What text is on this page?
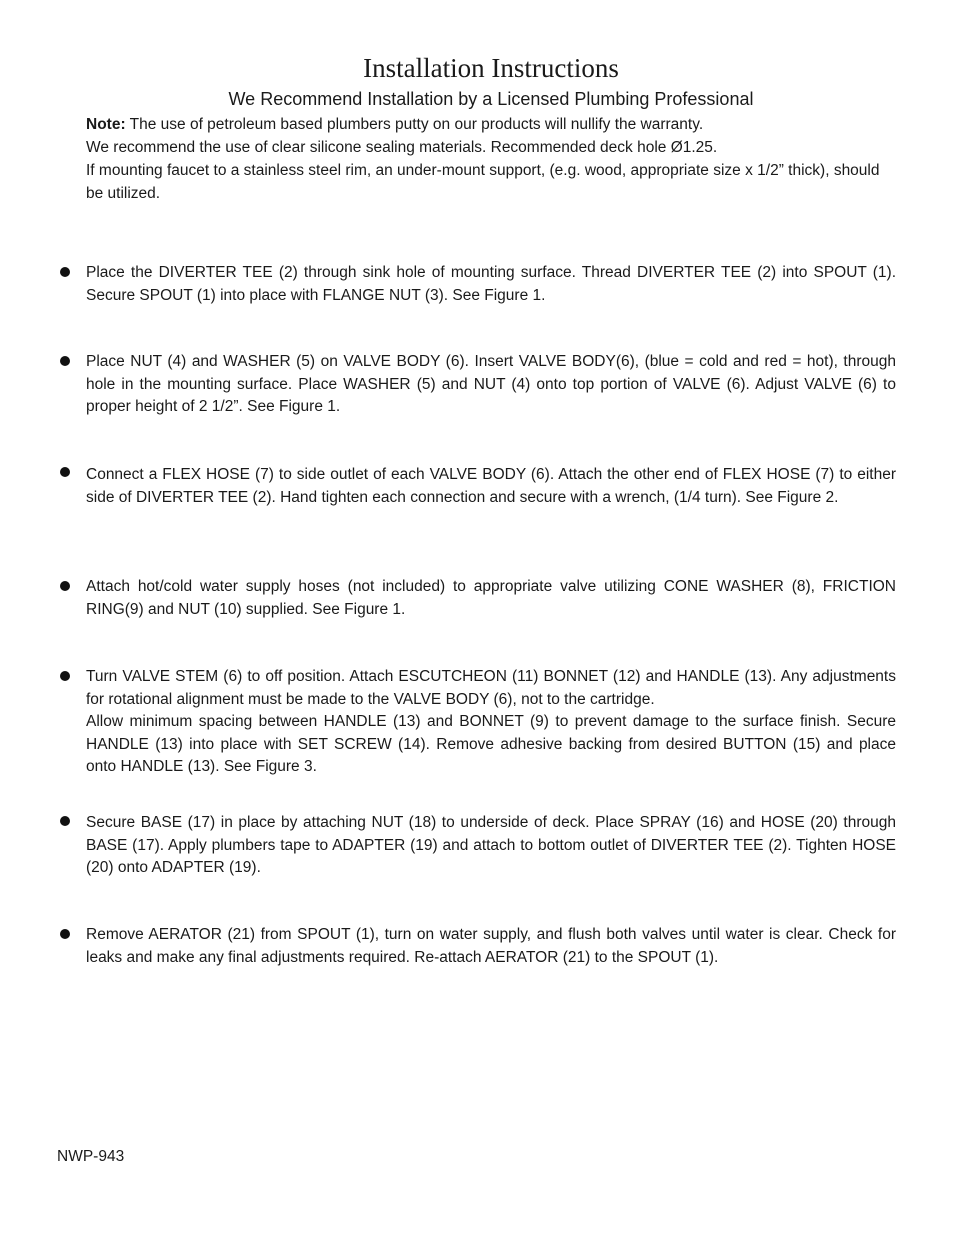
Installation Instructions
We Recommend Installation by a Licensed Plumbing Professional
Note: The use of petroleum based plumbers putty on our products will nullify the warranty.
We recommend the use of clear silicone sealing materials. Recommended deck hole Ø1.25.
If mounting faucet to a stainless steel rim, an under-mount support, (e.g. wood, appropriate size x 1/2” thick), should be utilized.
Place the DIVERTER TEE (2) through sink hole of mounting surface. Thread DIVERTER TEE (2) into SPOUT (1). Secure SPOUT (1) into place with FLANGE NUT (3). See Figure 1.
Place NUT (4) and WASHER (5) on VALVE BODY (6). Insert VALVE BODY(6), (blue = cold and red = hot), through hole in the mounting surface. Place WASHER (5) and NUT (4) onto top portion of VALVE (6). Adjust VALVE (6) to proper height of 2 1/2”. See Figure 1.
Connect a FLEX HOSE (7) to side outlet of each VALVE BODY (6). Attach the other end of FLEX HOSE (7) to either side of DIVERTER TEE (2). Hand tighten each connection and secure with a wrench, (1/4 turn). See Figure 2.
Attach hot/cold water supply hoses (not included) to appropriate valve utilizing CONE WASHER (8), FRICTION RING(9) and NUT (10) supplied. See Figure 1.
Turn VALVE STEM (6) to off position. Attach ESCUTCHEON (11) BONNET (12) and HANDLE (13). Any adjustments for rotational alignment must be made to the VALVE BODY (6), not to the cartridge.
Allow minimum spacing between HANDLE (13) and BONNET (9) to prevent damage to the surface finish. Secure HANDLE (13) into place with SET SCREW (14). Remove adhesive backing from desired BUTTON (15) and place onto HANDLE (13). See Figure 3.
Secure BASE (17) in place by attaching NUT (18) to underside of deck. Place SPRAY (16) and HOSE (20) through BASE (17). Apply plumbers tape to ADAPTER (19) and attach to bottom outlet of DIVERTER TEE (2). Tighten HOSE (20) onto ADAPTER (19).
Remove AERATOR (21) from SPOUT (1), turn on water supply, and flush both valves until water is clear. Check for leaks and make any final adjustments required. Re-attach AERATOR (21) to the SPOUT (1).
NWP-943
